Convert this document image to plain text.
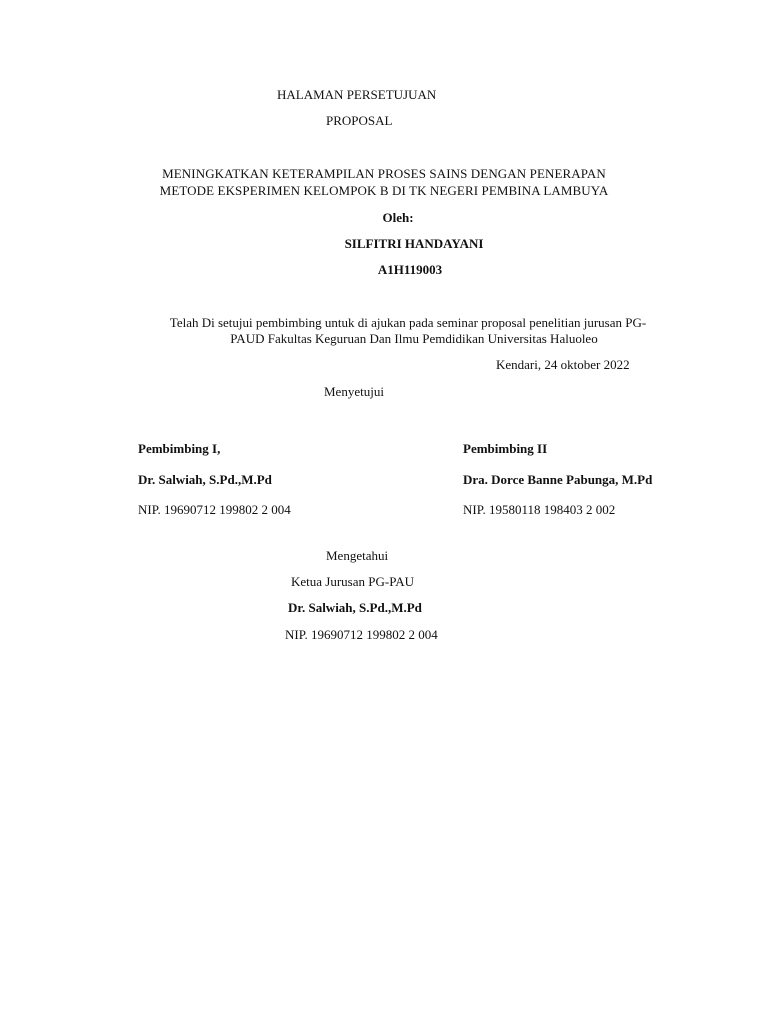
HALAMAN PERSETUJUAN
PROPOSAL
MENINGKATKAN KETERAMPILAN PROSES SAINS DENGAN PENERAPAN
METODE EKSPERIMEN KELOMPOK B DI TK NEGERI PEMBINA LAMBUYA
Oleh:
SILFITRI HANDAYANI
A1H119003
Telah Di setujui pembimbing untuk di ajukan pada seminar proposal penelitian jurusan PG-
PAUD Fakultas Keguruan Dan Ilmu Pemdidikan Universitas Haluoleo
Kendari, 24 oktober 2022
Menyetujui
Pembimbing I,
Dr. Salwiah, S.Pd.,M.Pd
NIP. 19690712 199802 2 004
Pembimbing II
Dra. Dorce Banne Pabunga, M.Pd
NIP. 19580118 198403 2 002
Mengetahui
Ketua Jurusan PG-PAU
Dr. Salwiah, S.Pd.,M.Pd
NIP. 19690712 199802 2 004
